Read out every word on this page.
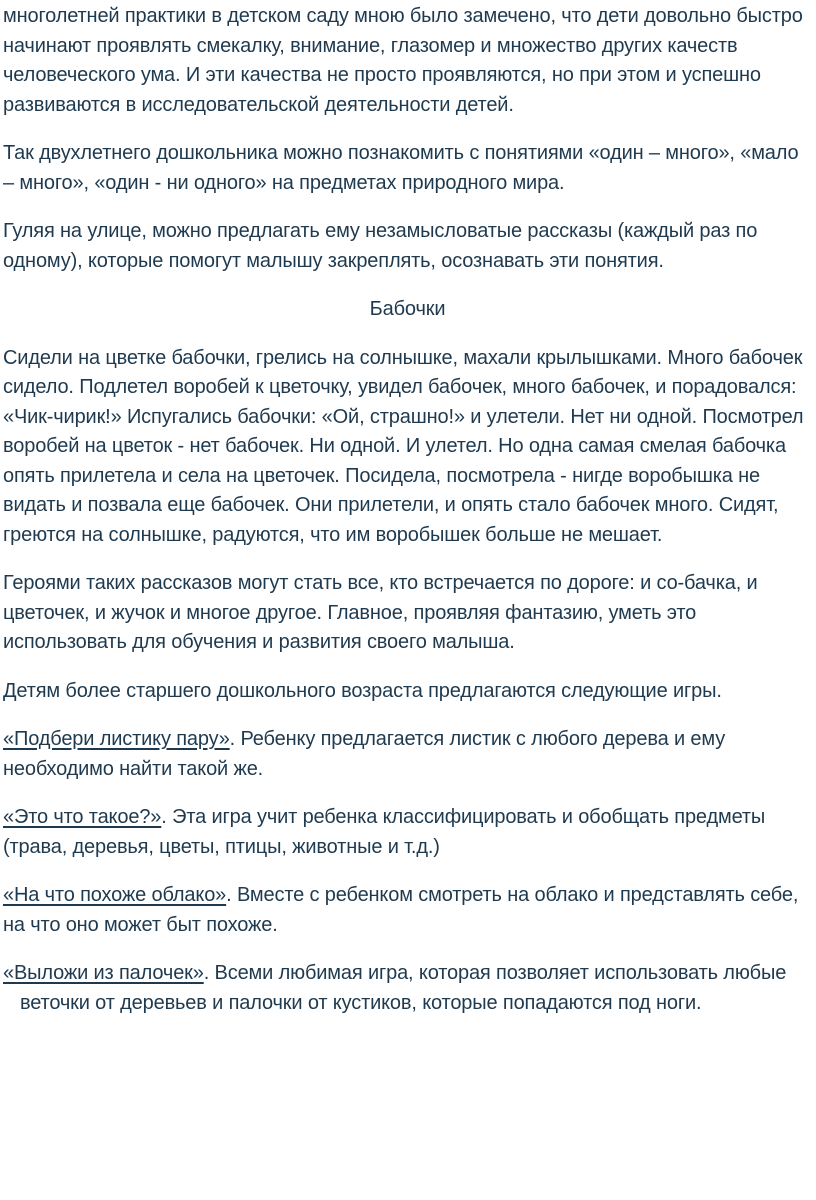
многолетней практики в детском саду мною было замечено, что дети довольно быстро начинают проявлять смекалку, внимание, глазомер и множество других качеств человеческого ума. И эти качества не просто проявляются, но при этом и успешно развиваются в исследовательской деятельности детей.

Так двухлетнего дошкольника можно познакомить с понятиями «один – много», «мало – много», «один - ни одного» на предметах природного мира.

Гуляя на улице, можно предлагать ему незамысловатые рассказы (каждый раз по одному), которые помогут малышу закреплять, осознавать эти понятия.

Бабочки

Сидели на цветке бабочки, грелись на солнышке, махали крылышками. Много бабочек сидело. Подлетел воробей к цветочку, увидел бабочек, много бабочек, и порадовался: «Чик-чирик!» Испугались бабочки: «Ой, страшно!» и улетели. Нет ни одной. Посмотрел воробей на цветок - нет бабочек. Ни одной. И улетел. Но одна самая смелая бабочка опять прилетела и села на цветочек. Посидела, посмотрела - нигде воробышка не видать и позвала еще бабочек. Они прилетели, и опять стало бабочек много. Сидят, греются на солнышке, радуются, что им воробышек больше не мешает.

Героями таких рассказов могут стать все, кто встречается по дороге: и со-бачка, и цветочек, и жучок и многое другое. Главное, проявляя фантазию, уметь это использовать для обучения и развития своего малыша.

Детям более старшего дошкольного возраста предлагаются следующие игры.

«Подбери листику пару». Ребенку предлагается листик с любого дерева и ему необходимо найти такой же.

«Это что такое?». Эта игра учит ребенка классифицировать и обобщать предметы (трава, деревья, цветы, птицы, животные и т.д.)

«На что похоже облако». Вместе с ребенком смотреть на облако и представлять себе, на что оно может быт похоже.

«Выложи из палочек». Всеми любимая игра, которая позволяет использовать любые веточки от деревьев и палочки от кустиков, которые попадаются под ноги.
